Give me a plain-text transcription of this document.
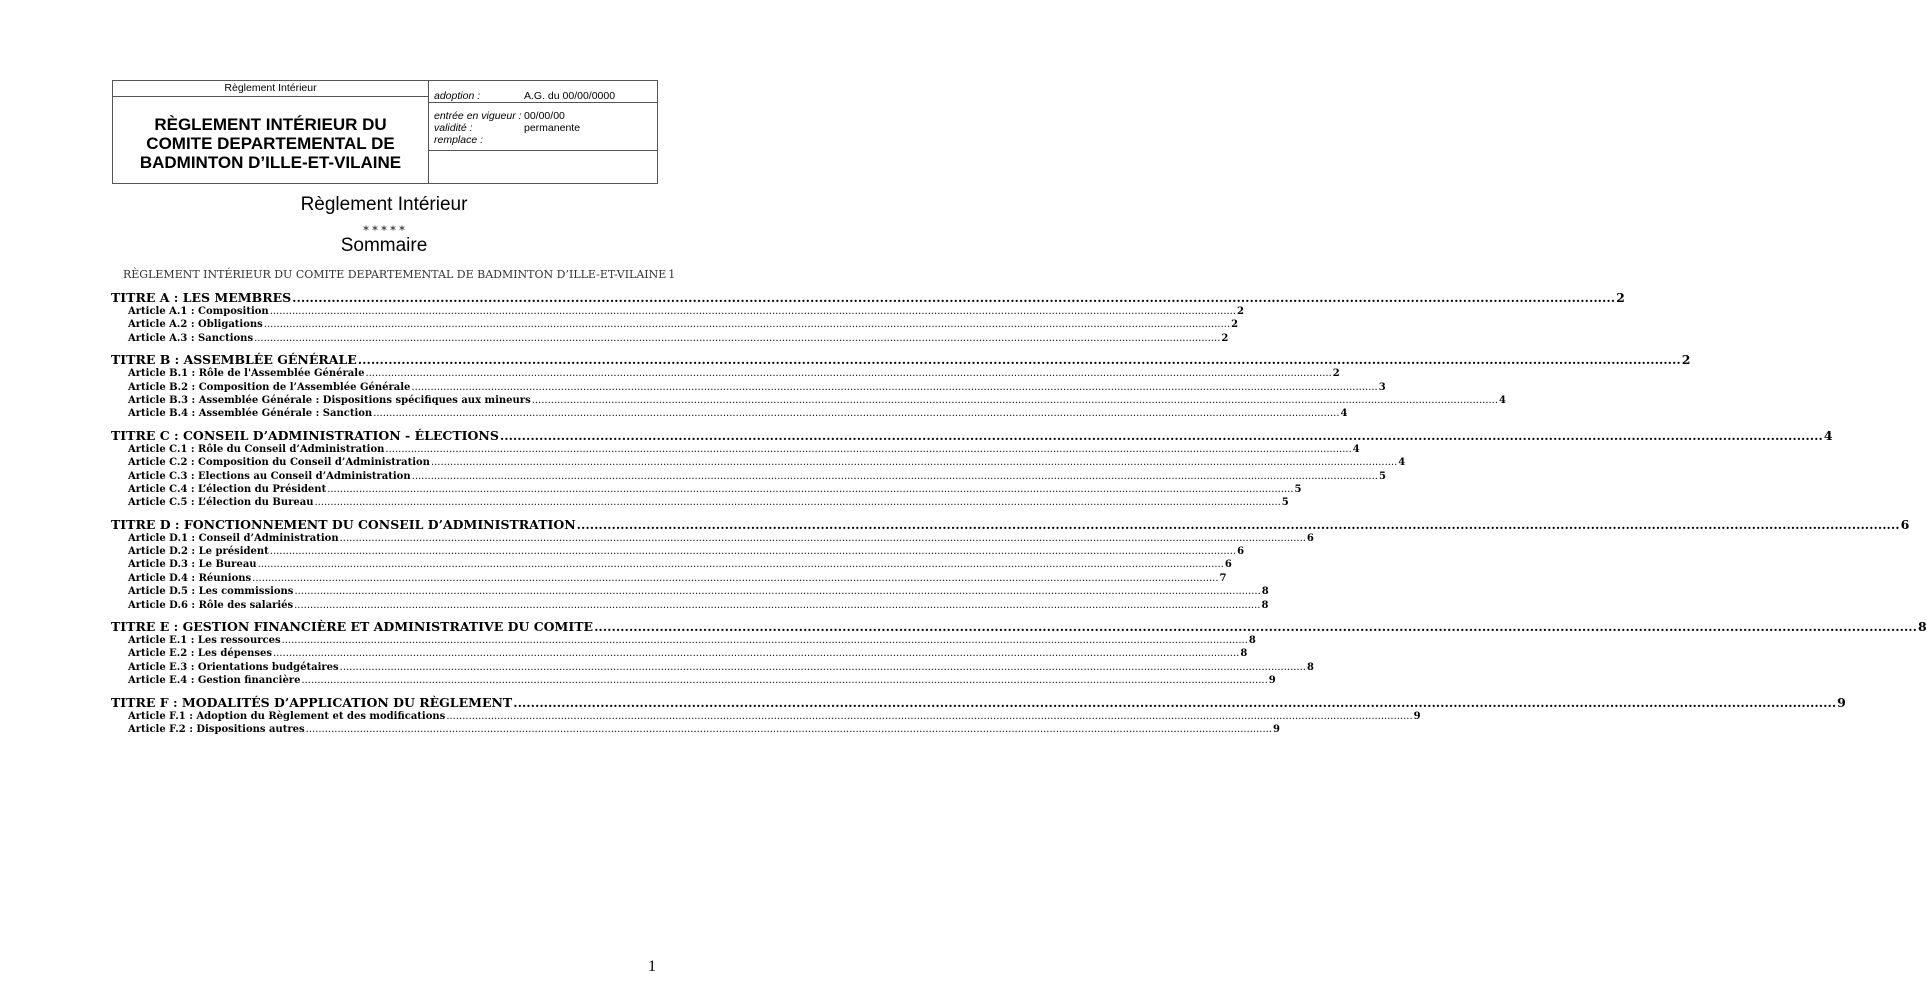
Règlement Intérieur	
adoption :	A.G. du 00/00/0000
entrée en vigueur : 00/00/00
validité :	permanente
remplace :

RÈGLEMENT INTÉRIEUR DU COMITE DEPARTEMENTAL DE BADMINTON D’ILLE-ET-VILAINE
Règlement Intérieur
* * * * *
Sommaire
RÈGLEMENT INTÉRIEUR DU COMITE DEPARTEMENTAL DE BADMINTON D’ILLE-ET-VILAINE 1
TITRE A : LES MEMBRES .....	2
Article A.1 : Composition .....	2
Article A.2 : Obligations .....	2
Article A.3 : Sanctions .....	2
TITRE B : ASSEMBLÉE GÉNÉRALE .....	2
Article B.1 : Rôle de l'Assemblée Générale .....	2
Article B.2 : Composition de l’Assemblée Générale .....	3
Article B.3 : Assemblée Générale : Dispositions spécifiques aux mineurs .....	4
Article B.4 : Assemblée Générale : Sanction .....	4
TITRE C : CONSEIL D’ADMINISTRATION - ÉLECTIONS .....	4
Article C.1 : Rôle du Conseil d’Administration .....	4
Article C.2 : Composition du Conseil d’Administration .....	4
Article C.3 : Elections au Conseil d’Administration .....	5
Article C.4 : L’élection du Président .....	5
Article C.5 : L’élection du Bureau .....	5
TITRE D : FONCTIONNEMENT DU CONSEIL D’ADMINISTRATION .....	6
Article D.1 : Conseil d’Administration .....	6
Article D.2 : Le président .....	6
Article D.3 : Le Bureau .....	6
Article D.4 : Réunions .....	7
Article D.5 : Les commissions .....	8
Article D.6 : Rôle des salariés .....	8
TITRE E : GESTION FINANCIÈRE ET ADMINISTRATIVE DU COMITE .....	8
Article E.1 : Les ressources .....	8
Article E.2 : Les dépenses .....	8
Article E.3 : Orientations budgétaires .....	8
Article E.4 : Gestion financière .....	9
TITRE F : MODALITÉS D’APPLICATION DU RÈGLEMENT .....	9
Article F.1 : Adoption du Règlement et des modifications .....	9
Article F.2 : Dispositions autres .....	9
1
